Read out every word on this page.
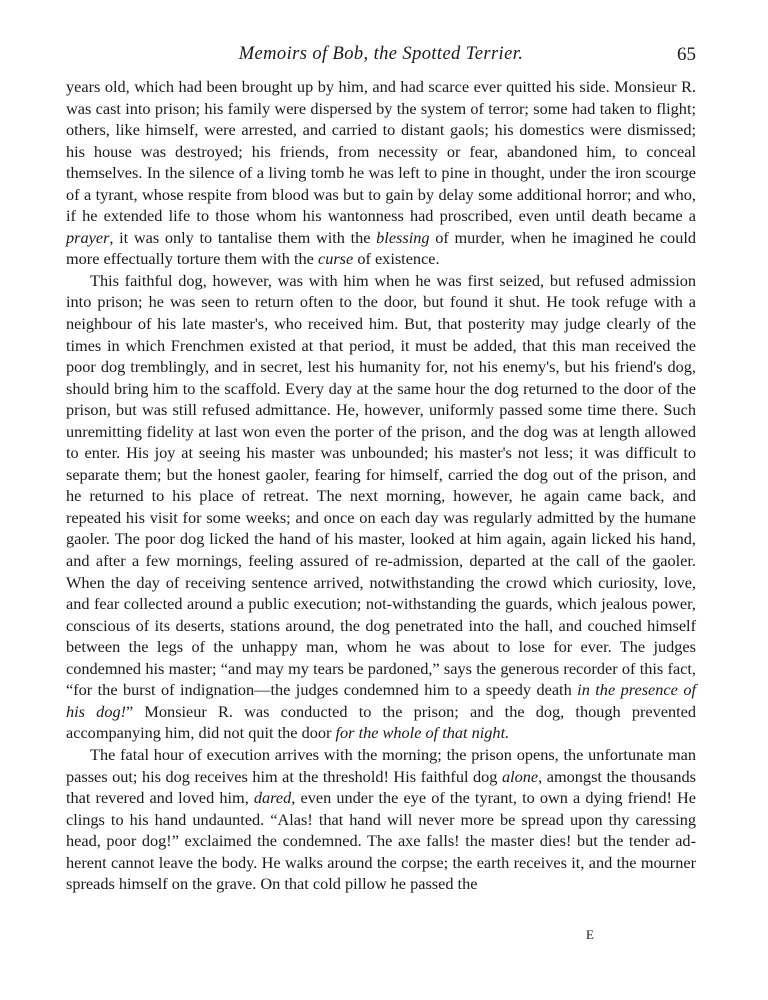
Memoirs of Bob, the Spotted Terrier.	65

years old, which had been brought up by him, and had scarce ever quitted his side. Monsieur R. was cast into prison; his family were dispersed by the system of terror; some had taken to flight; others, like himself, were arrested, and carried to distant gaols; his domestics were dismissed; his house was destroyed; his friends, from necessity or fear, abandoned him, to conceal themselves. In the silence of a living tomb he was left to pine in thought, under the iron scourge of a tyrant, whose respite from blood was but to gain by delay some additional horror; and who, if he extended life to those whom his wantonness had proscribed, even until death became a prayer, it was only to tantalise them with the blessing of murder, when he imagined he could more effectually torture them with the curse of existence.

This faithful dog, however, was with him when he was first seized, but refused admission into prison; he was seen to return often to the door, but found it shut. He took refuge with a neighbour of his late master's, who received him. But, that posterity may judge clearly of the times in which Frenchmen existed at that period, it must be added, that this man received the poor dog tremblingly, and in secret, lest his humanity for, not his enemy's, but his friend's dog, should bring him to the scaffold. Every day at the same hour the dog returned to the door of the prison, but was still refused admittance. He, however, uniformly passed some time there. Such unremitting fidelity at last won even the porter of the prison, and the dog was at length allowed to enter. His joy at seeing his master was unbounded; his master's not less; it was difficult to separate them; but the honest gaoler, fearing for himself, carried the dog out of the prison, and he returned to his place of retreat. The next morning, however, he again came back, and repeated his visit for some weeks; and once on each day was regularly admitted by the humane gaoler. The poor dog licked the hand of his master, looked at him again, again licked his hand, and after a few mornings, feeling assured of re-admission, departed at the call of the gaoler. When the day of receiving sentence arrived, notwithstanding the crowd which curiosity, love, and fear collected around a public execution; not-withstanding the guards, which jealous power, conscious of its deserts, stations around, the dog penetrated into the hall, and couched himself between the legs of the unhappy man, whom he was about to lose for ever. The judges condemned his master; “and may my tears be pardoned,” says the generous recorder of this fact, “for the burst of indignation—the judges condemned him to a speedy death in the presence of his dog!” Monsieur R. was conducted to the prison; and the dog, though prevented accompanying him, did not quit the door for the whole of that night.

The fatal hour of execution arrives with the morning; the prison opens, the unfortunate man passes out; his dog receives him at the threshold! His faithful dog alone, amongst the thousands that revered and loved him, dared, even under the eye of the tyrant, to own a dying friend! He clings to his hand undaunted. “Alas! that hand will never more be spread upon thy caressing head, poor dog!” exclaimed the condemned. The axe falls! the master dies! but the tender ad-herent cannot leave the body. He walks around the corpse; the earth receives it, and the mourner spreads himself on the grave. On that cold pillow he passed the

E
